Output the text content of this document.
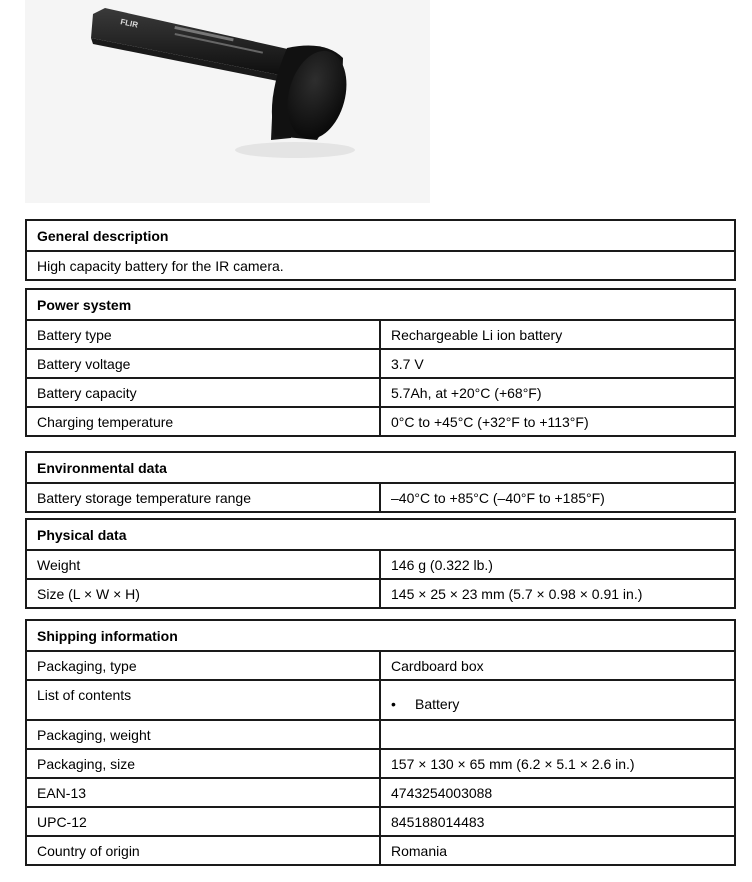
FLIR
General description
High capacity battery for the IR camera.
Power system	
Battery type	Rechargeable Li ion battery
Battery voltage	3.7 V
Battery capacity	5.7Ah, at +20°C (+68°F)
Charging temperature	0°C to +45°C (+32°F to +113°F)
Environmental data
Battery storage temperature range	–40°C to +85°C (–40°F to +185°F)
Physical data	
Weight	146 g (0.322 lb.)
Size (L × W × H)	145 × 25 × 23 mm (5.7 × 0.98 × 0.91 in.)
Shipping information	
Packaging, type	Cardboard box
List of contents	• Battery

Packaging, weight	
Packaging, size	157 × 130 × 65 mm (6.2 × 5.1 × 2.6 in.)
EAN-13	4743254003088
UPC-12	845188014483
Country of origin	Romania
